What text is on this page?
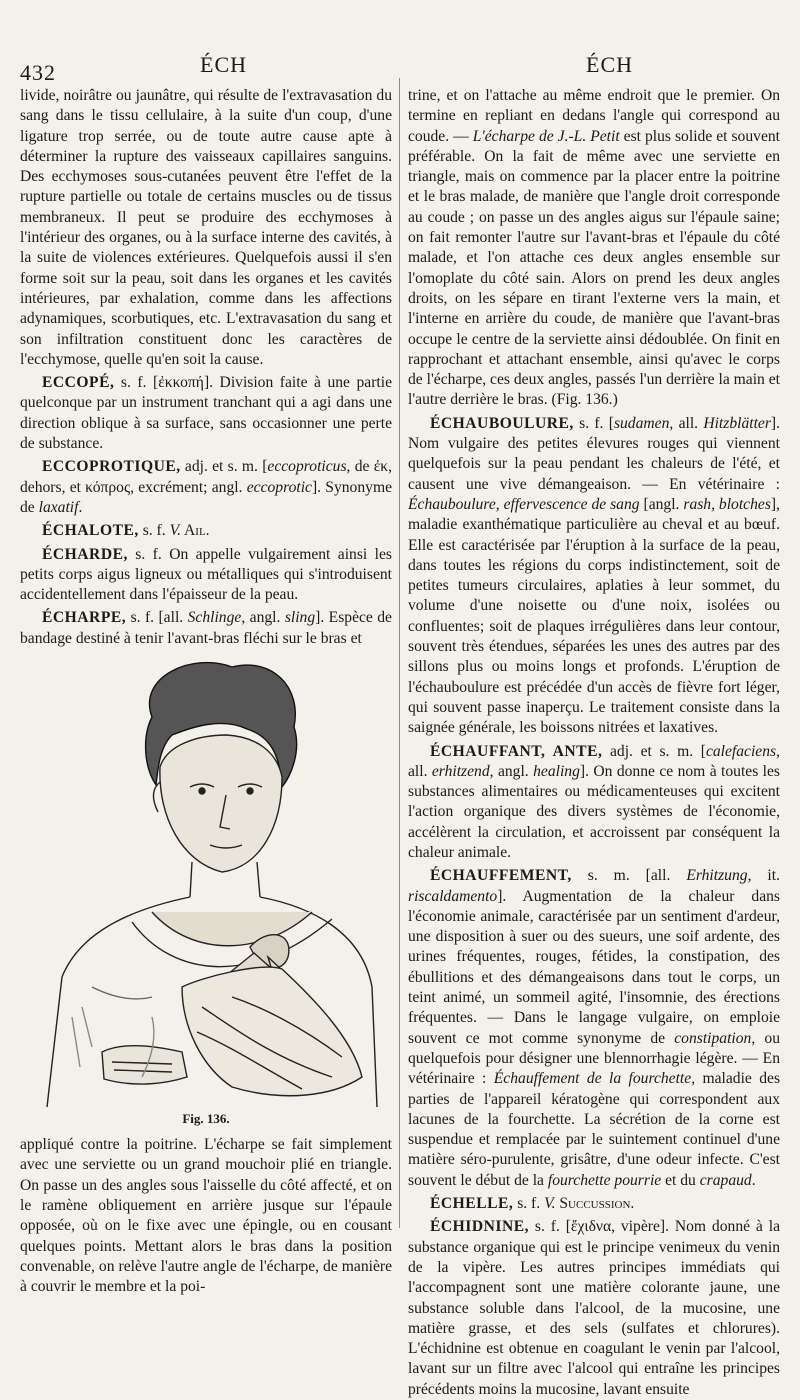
432	ÉCH	ÉCH

livide, noirâtre ou jaunâtre, qui résulte de l'extravasation du sang dans le tissu cellulaire, à la suite d'un coup, d'une ligature trop serrée, ou de toute autre cause apte à déterminer la rupture des vaisseaux capillaires sanguins. Des ecchymoses sous-cutanées peuvent être l'effet de la rupture partielle ou totale de certains muscles ou de tissus membraneux. Il peut se produire des ecchymoses à l'intérieur des organes, ou à la surface interne des cavités, à la suite de violences extérieures. Quelquefois aussi il s'en forme soit sur la peau, soit dans les organes et les cavités intérieures, par exhalation, comme dans les affections adynamiques, scorbutiques, etc. L'extravasation du sang et son infiltration constituent donc les caractères de l'ecchymose, quelle qu'en soit la cause.

ECCOPÉ, s. f. [ἐκκοπή]. Division faite à une partie quelconque par un instrument tranchant qui a agi dans une direction oblique à sa surface, sans occasionner une perte de substance.

ECCOPROTIQUE, adj. et s. m. [eccoproticus, de ἐκ, dehors, et κόπρος, excrément; angl. eccoprotic]. Synonyme de laxatif.

ÉCHALOTE, s. f. V. Ail.

ÉCHARDE, s. f. On appelle vulgairement ainsi les petits corps aigus ligneux ou métalliques qui s'introduisent accidentellement dans l'épaisseur de la peau.

ÉCHARPE, s. f. [all. Schlinge, angl. sling]. Espèce de bandage destiné à tenir l'avant-bras fléchi sur le bras et

Fig. 136.

appliqué contre la poitrine. L'écharpe se fait simplement avec une serviette ou un grand mouchoir plié en triangle. On passe un des angles sous l'aisselle du côté affecté, et on le ramène obliquement en arrière jusque sur l'épaule opposée, où on le fixe avec une épingle, ou en cousant quelques points. Mettant alors le bras dans la position convenable, on relève l'autre angle de l'écharpe, de manière à couvrir le membre et la poi-

trine, et on l'attache au même endroit que le premier. On termine en repliant en dedans l'angle qui correspond au coude. — L'écharpe de J.-L. Petit est plus solide et souvent préférable. On la fait de même avec une serviette en triangle, mais on commence par la placer entre la poitrine et le bras malade, de manière que l'angle droit corresponde au coude ; on passe un des angles aigus sur l'épaule saine; on fait remonter l'autre sur l'avant-bras et l'épaule du côté malade, et l'on attache ces deux angles ensemble sur l'omoplate du côté sain. Alors on prend les deux angles droits, on les sépare en tirant l'externe vers la main, et l'interne en arrière du coude, de manière que l'avant-bras occupe le centre de la serviette ainsi dédoublée. On finit en rapprochant et attachant ensemble, ainsi qu'avec le corps de l'écharpe, ces deux angles, passés l'un derrière la main et l'autre derrière le bras. (Fig. 136.)

ÉCHAUBOULURE, s. f. [sudamen, all. Hitzblätter]. Nom vulgaire des petites élevures rouges qui viennent quelquefois sur la peau pendant les chaleurs de l'été, et causent une vive démangeaison. — En vétérinaire : Échauboulure, effervescence de sang [angl. rash, blotches], maladie exanthématique particulière au cheval et au bœuf. Elle est caractérisée par l'éruption à la surface de la peau, dans toutes les régions du corps indistinctement, soit de petites tumeurs circulaires, aplaties à leur sommet, du volume d'une noisette ou d'une noix, isolées ou confluentes; soit de plaques irrégulières dans leur contour, souvent très étendues, séparées les unes des autres par des sillons plus ou moins longs et profonds. L'éruption de l'échauboulure est précédée d'un accès de fièvre fort léger, qui souvent passe inaperçu. Le traitement consiste dans la saignée générale, les boissons nitrées et laxatives.

ÉCHAUFFANT, ANTE, adj. et s. m. [calefaciens, all. erhitzend, angl. healing]. On donne ce nom à toutes les substances alimentaires ou médicamenteuses qui excitent l'action organique des divers systèmes de l'économie, accélèrent la circulation, et accroissent par conséquent la chaleur animale.

ÉCHAUFFEMENT, s. m. [all. Erhitzung, it. riscaldamento]. Augmentation de la chaleur dans l'économie animale, caractérisée par un sentiment d'ardeur, une disposition à suer ou des sueurs, une soif ardente, des urines fréquentes, rouges, fétides, la constipation, des ébullitions et des démangeaisons dans tout le corps, un teint animé, un sommeil agité, l'insomnie, des érections fréquentes. — Dans le langage vulgaire, on emploie souvent ce mot comme synonyme de constipation, ou quelquefois pour désigner une blennorrhagie légère. — En vétérinaire : Échauffement de la fourchette, maladie des parties de l'appareil kératogène qui correspondent aux lacunes de la fourchette. La sécrétion de la corne est suspendue et remplacée par le suintement continuel d'une matière séro-purulente, grisâtre, d'une odeur infecte. C'est souvent le début de la fourchette pourrie et du crapaud.

ÉCHELLE, s. f. V. Succussion.

ÉCHIDNINE, s. f. [ἔχιδνα, vipère]. Nom donné à la substance organique qui est le principe venimeux du venin de la vipère. Les autres principes immédiats qui l'accompagnent sont une matière colorante jaune, une substance soluble dans l'alcool, de la mucosine, une matière grasse, et des sels (sulfates et chlorures). L'échidnine est obtenue en coagulant le venin par l'alcool, lavant sur un filtre avec l'alcool qui entraîne les principes précédents moins la mucosine, lavant ensuite
